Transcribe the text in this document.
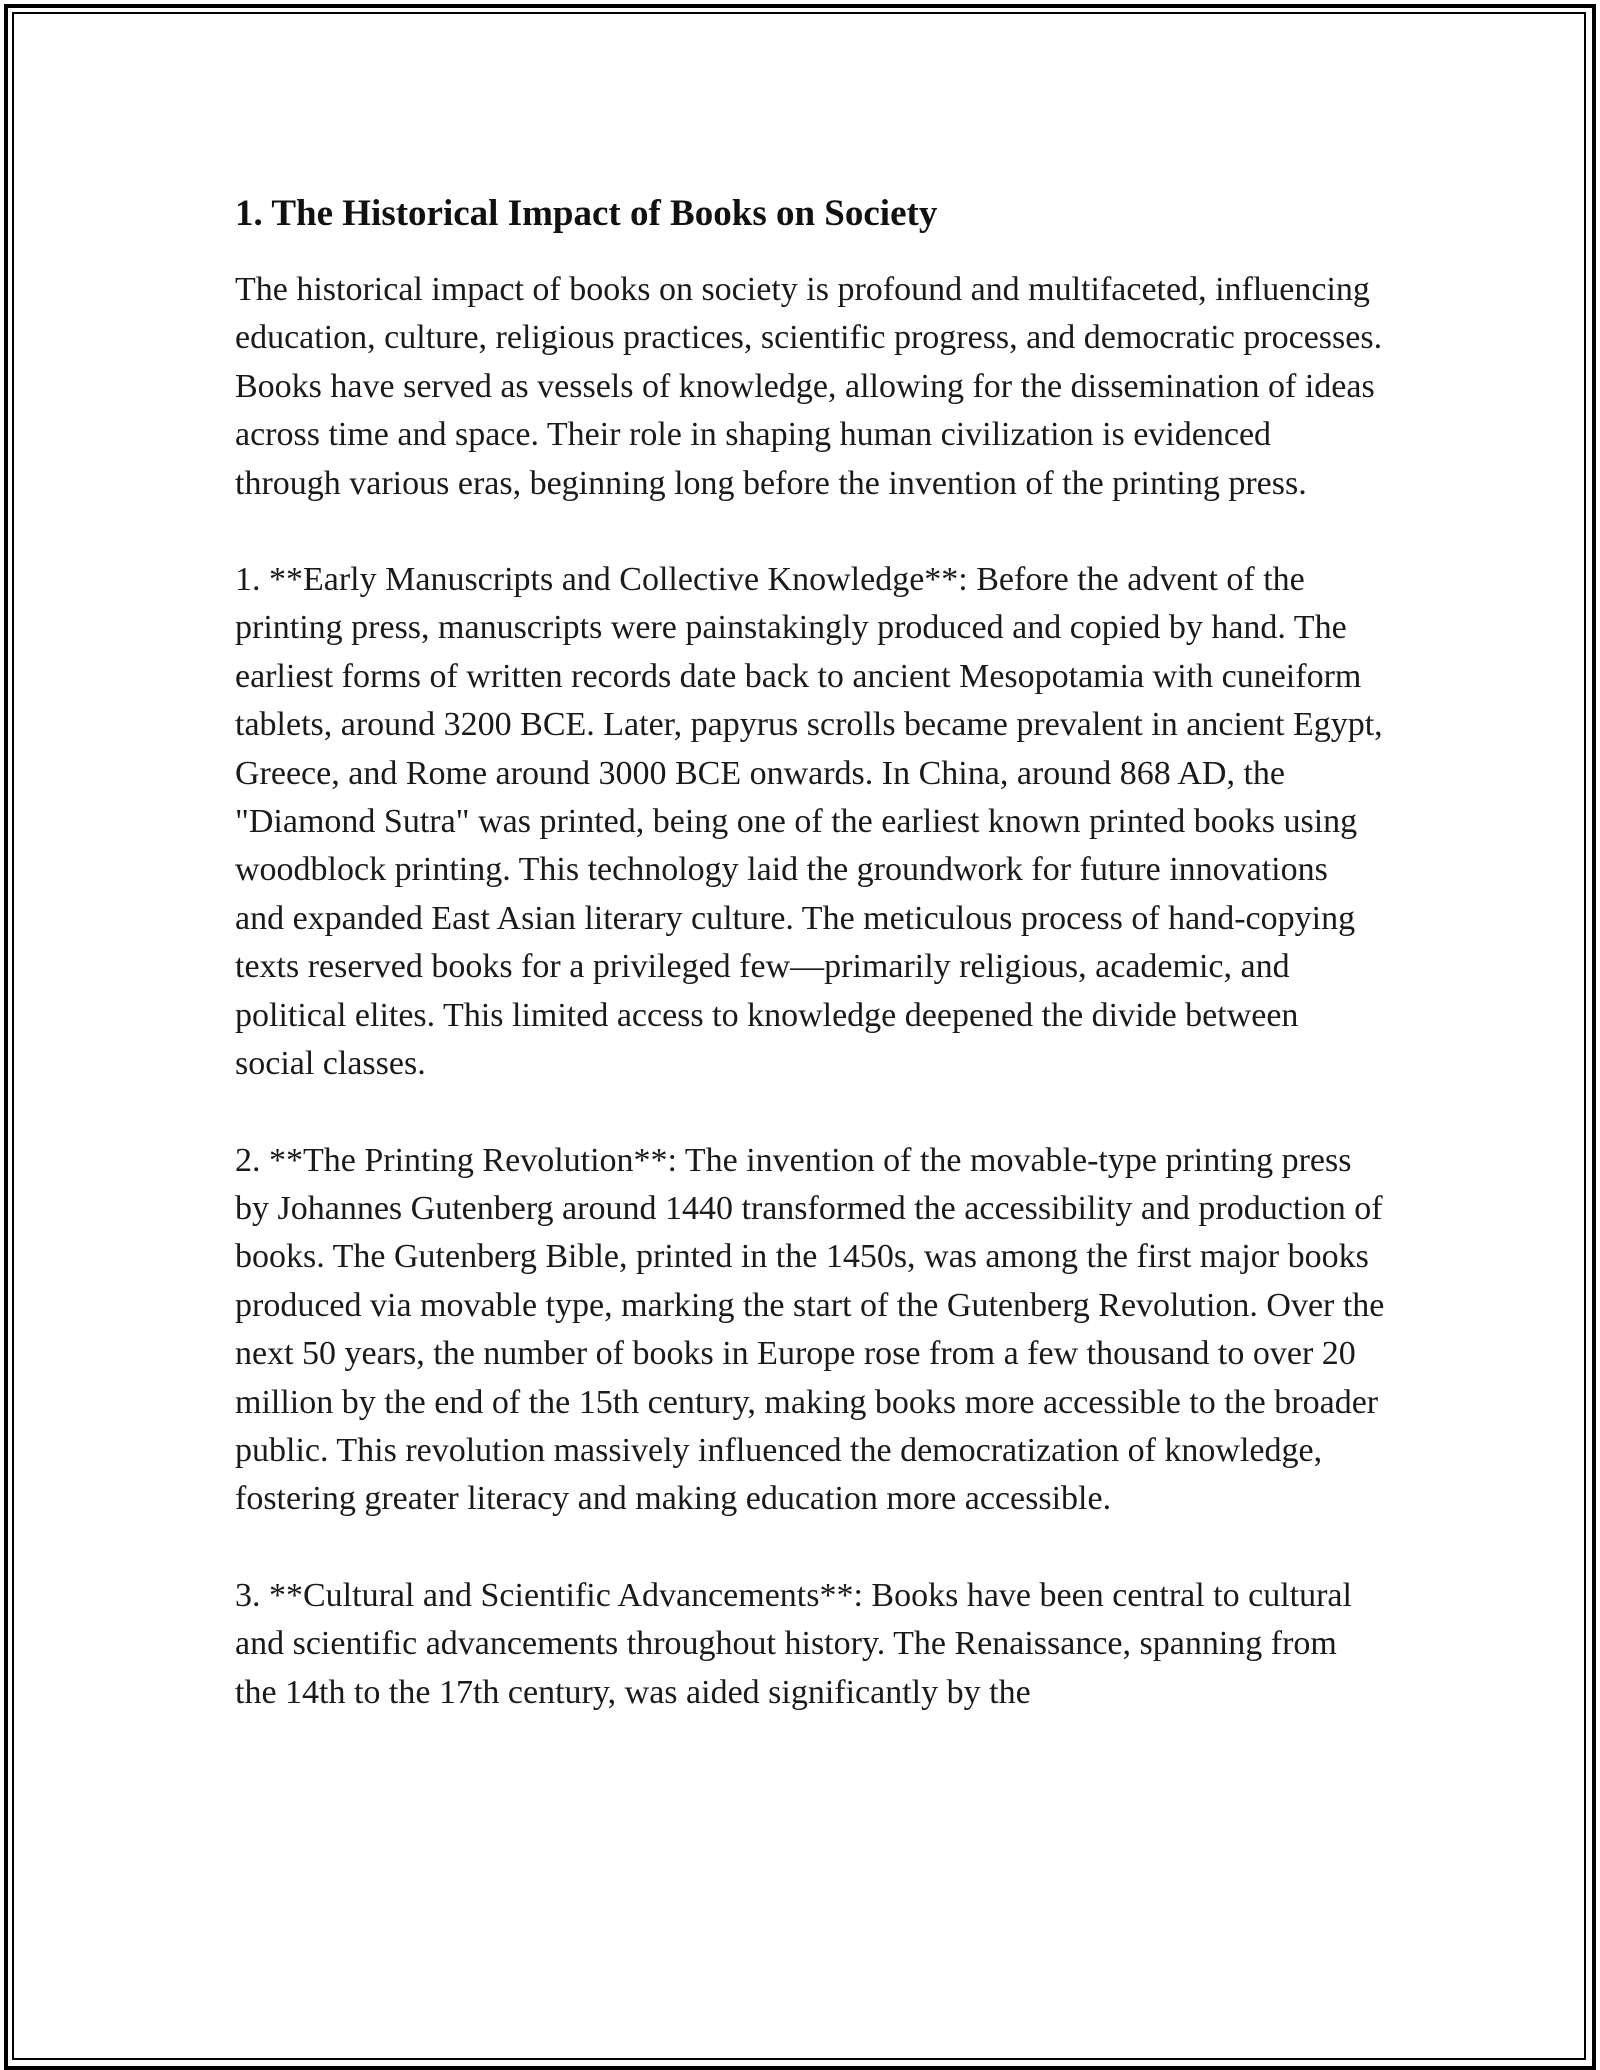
1. The Historical Impact of Books on Society

The historical impact of books on society is profound and multifaceted, influencing education, culture, religious practices, scientific progress, and democratic processes. Books have served as vessels of knowledge, allowing for the dissemination of ideas across time and space. Their role in shaping human civilization is evidenced through various eras, beginning long before the invention of the printing press.

1. **Early Manuscripts and Collective Knowledge**: Before the advent of the printing press, manuscripts were painstakingly produced and copied by hand. The earliest forms of written records date back to ancient Mesopotamia with cuneiform tablets, around 3200 BCE. Later, papyrus scrolls became prevalent in ancient Egypt, Greece, and Rome around 3000 BCE onwards. In China, around 868 AD, the "Diamond Sutra" was printed, being one of the earliest known printed books using woodblock printing. This technology laid the groundwork for future innovations and expanded East Asian literary culture. The meticulous process of hand-copying texts reserved books for a privileged few—primarily religious, academic, and political elites. This limited access to knowledge deepened the divide between social classes.

2. **The Printing Revolution**: The invention of the movable-type printing press by Johannes Gutenberg around 1440 transformed the accessibility and production of books. The Gutenberg Bible, printed in the 1450s, was among the first major books produced via movable type, marking the start of the Gutenberg Revolution. Over the next 50 years, the number of books in Europe rose from a few thousand to over 20 million by the end of the 15th century, making books more accessible to the broader public. This revolution massively influenced the democratization of knowledge, fostering greater literacy and making education more accessible.

3. **Cultural and Scientific Advancements**: Books have been central to cultural and scientific advancements throughout history. The Renaissance, spanning from the 14th to the 17th century, was aided significantly by the
